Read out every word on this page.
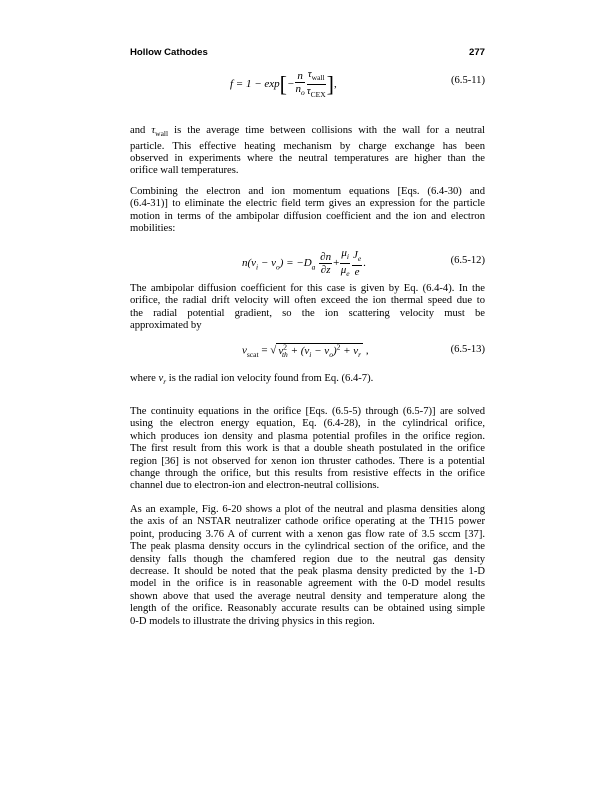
Hollow Cathodes	277
$f = 1 - \exp[- \frac{n}{n_o} \frac{\tau_{wall}}{\tau_{CEX}}$ ],	(6.5-11)
and $\tau_{wall}$ is the average time between collisions with the wall for a neutral
particle. This effective heating mechanism by charge exchange has been
observed in experiments where the neutral temperatures are higher than the
orifice wall temperatures.
Combining the electron and ion momentum equations [Eqs. (6.4-30) and
(6.4-31)] to eliminate the electric field term gives an expression for the particle
motion in terms of the ambipolar diffusion coefficient and the ion and electron
mobilities:
$n(v_i - v_o) = -D_a \frac{\partial n}{\partial z} + \frac{\mu_i}{\mu_e} \frac{J_e}{e}$ .	(6.5-12)
The ambipolar diffusion coefficient for this case is given by Eq. (6.4-4). In the
orifice, the radial drift velocity will often exceed the ion thermal speed due to
the radial potential gradient, so the ion scattering velocity must be
approximated by
$v_{scat}$ = √ $v^2_{th} + (v_i - v_o)^2 + v_r$ ,	(6.5-13)
where $v_r$ is the radial ion velocity found from Eq. (6.4-7).
The continuity equations in the orifice [Eqs. (6.5-5) through (6.5-7)] are solved
using the electron energy equation, Eq. (6.4-28), in the cylindrical orifice,
which produces ion density and plasma potential profiles in the orifice region.
The first result from this work is that a double sheath postulated in the orifice
region [36] is not observed for xenon ion thruster cathodes. There is a potential
change through the orifice, but this results from resistive effects in the orifice
channel due to electron-ion and electron-neutral collisions.
As an example, Fig. 6-20 shows a plot of the neutral and plasma densities along
the axis of an NSTAR neutralizer cathode orifice operating at the TH15 power
point, producing 3.76 A of current with a xenon gas flow rate of 3.5 sccm [37].
The peak plasma density occurs in the cylindrical section of the orifice, and the
density falls though the chamfered region due to the neutral gas density
decrease. It should be noted that the peak plasma density predicted by the 1-D
model in the orifice is in reasonable agreement with the 0-D model results
shown above that used the average neutral density and temperature along the
length of the orifice. Reasonably accurate results can be obtained using simple
0-D models to illustrate the driving physics in this region.
